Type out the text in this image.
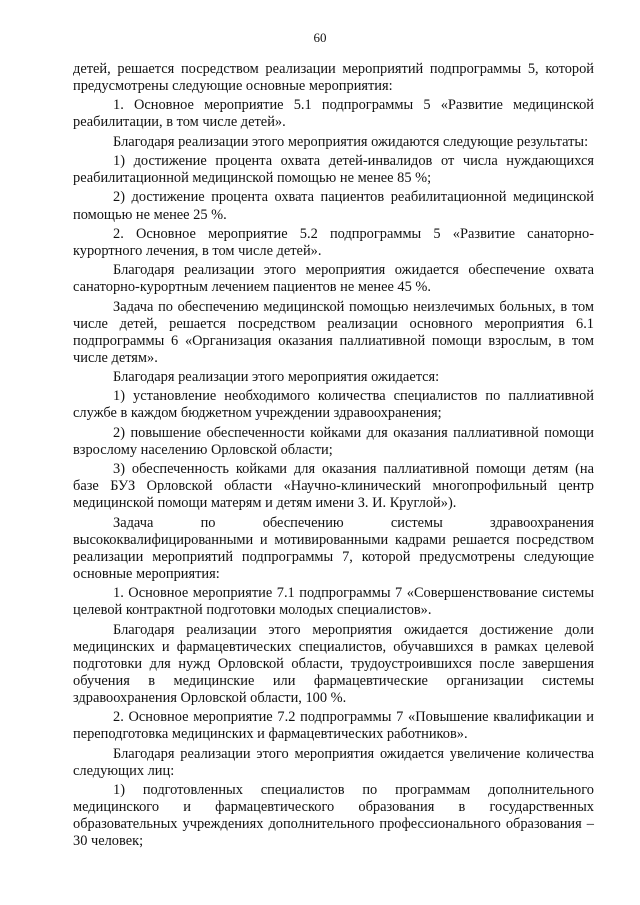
60

детей, решается посредством реализации мероприятий подпрограммы 5, которой предусмотрены следующие основные мероприятия:

1. Основное мероприятие 5.1 подпрограммы 5 «Развитие медицинской реабилитации, в том числе детей».

Благодаря реализации этого мероприятия ожидаются следующие результаты:

1) достижение процента охвата детей-инвалидов от числа нуждающихся реабилитационной медицинской помощью не менее 85 %;

2) достижение процента охвата пациентов реабилитационной медицинской помощью не менее 25 %.

2. Основное мероприятие 5.2 подпрограммы 5 «Развитие санаторно-курортного лечения, в том числе детей».

Благодаря реализации этого мероприятия ожидается обеспечение охвата санаторно-курортным лечением пациентов не менее 45 %.

Задача по обеспечению медицинской помощью неизлечимых больных, в том числе детей, решается посредством реализации основного мероприятия 6.1 подпрограммы 6 «Организация оказания паллиативной помощи взрослым, в том числе детям».

Благодаря реализации этого мероприятия ожидается:

1) установление необходимого количества специалистов по паллиативной службе в каждом бюджетном учреждении здравоохранения;

2) повышение обеспеченности койками для оказания паллиативной помощи взрослому населению Орловской области;

3) обеспеченность койками для оказания паллиативной помощи детям (на базе БУЗ Орловской области «Научно-клинический многопрофильный центр медицинской помощи матерям и детям имени З. И. Круглой»).

Задача по обеспечению системы здравоохранения высококвалифицированными и мотивированными кадрами решается посредством реализации мероприятий подпрограммы 7, которой предусмотрены следующие основные мероприятия:

1. Основное мероприятие 7.1 подпрограммы 7 «Совершенствование системы целевой контрактной подготовки молодых специалистов».

Благодаря реализации этого мероприятия ожидается достижение доли медицинских и фармацевтических специалистов, обучавшихся в рамках целевой подготовки для нужд Орловской области, трудоустроившихся после завершения обучения в медицинские или фармацевтические организации системы здравоохранения Орловской области, 100 %.

2. Основное мероприятие 7.2 подпрограммы 7 «Повышение квалификации и переподготовка медицинских и фармацевтических работников».

Благодаря реализации этого мероприятия ожидается увеличение количества следующих лиц:

1) подготовленных специалистов по программам дополнительного медицинского и фармацевтического образования в государственных образовательных учреждениях дополнительного профессионального образования – 30 человек;
